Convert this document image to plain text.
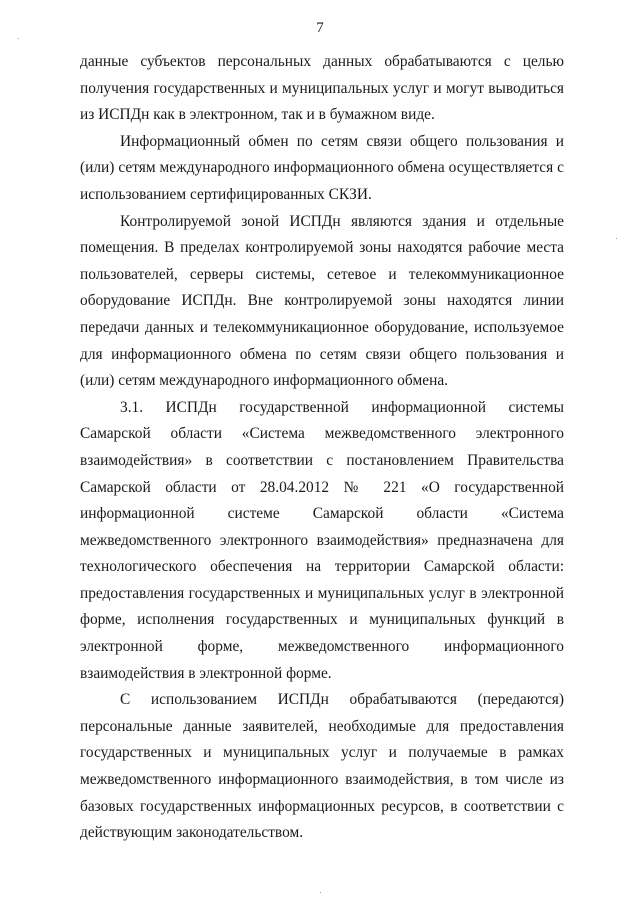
7

данные субъектов персональных данных обрабатываются с целью получения государственных и муниципальных услуг и могут выводиться из ИСПДн как в электронном, так и в бумажном виде.

Информационный обмен по сетям связи общего пользования и (или) сетям международного информационного обмена осуществляется с использованием сертифицированных СКЗИ.

Контролируемой зоной ИСПДн являются здания и отдельные помещения. В пределах контролируемой зоны находятся рабочие места пользователей, серверы системы, сетевое и телекоммуникационное оборудование ИСПДн. Вне контролируемой зоны находятся линии передачи данных и телекоммуникационное оборудование, используемое для информационного обмена по сетям связи общего пользования и (или) сетям международного информационного обмена.

3.1. ИСПДн государственной информационной системы Самарской области «Система межведомственного электронного взаимодействия» в соответствии с постановлением Правительства Самарской области от 28.04.2012 № 221 «О государственной информационной системе Самарской области «Система межведомственного электронного взаимодействия» предназначена для технологического обеспечения на территории Самарской области: предоставления государственных и муниципальных услуг в электронной форме, исполнения государственных и муниципальных функций в электронной форме, межведомственного информационного взаимодействия в электронной форме.

С использованием ИСПДн обрабатываются (передаются) персональные данные заявителей, необходимые для предоставления государственных и муниципальных услуг и получаемые в рамках межведомственного информационного взаимодействия, в том числе из базовых государственных информационных ресурсов, в соответствии с действующим законодательством.
